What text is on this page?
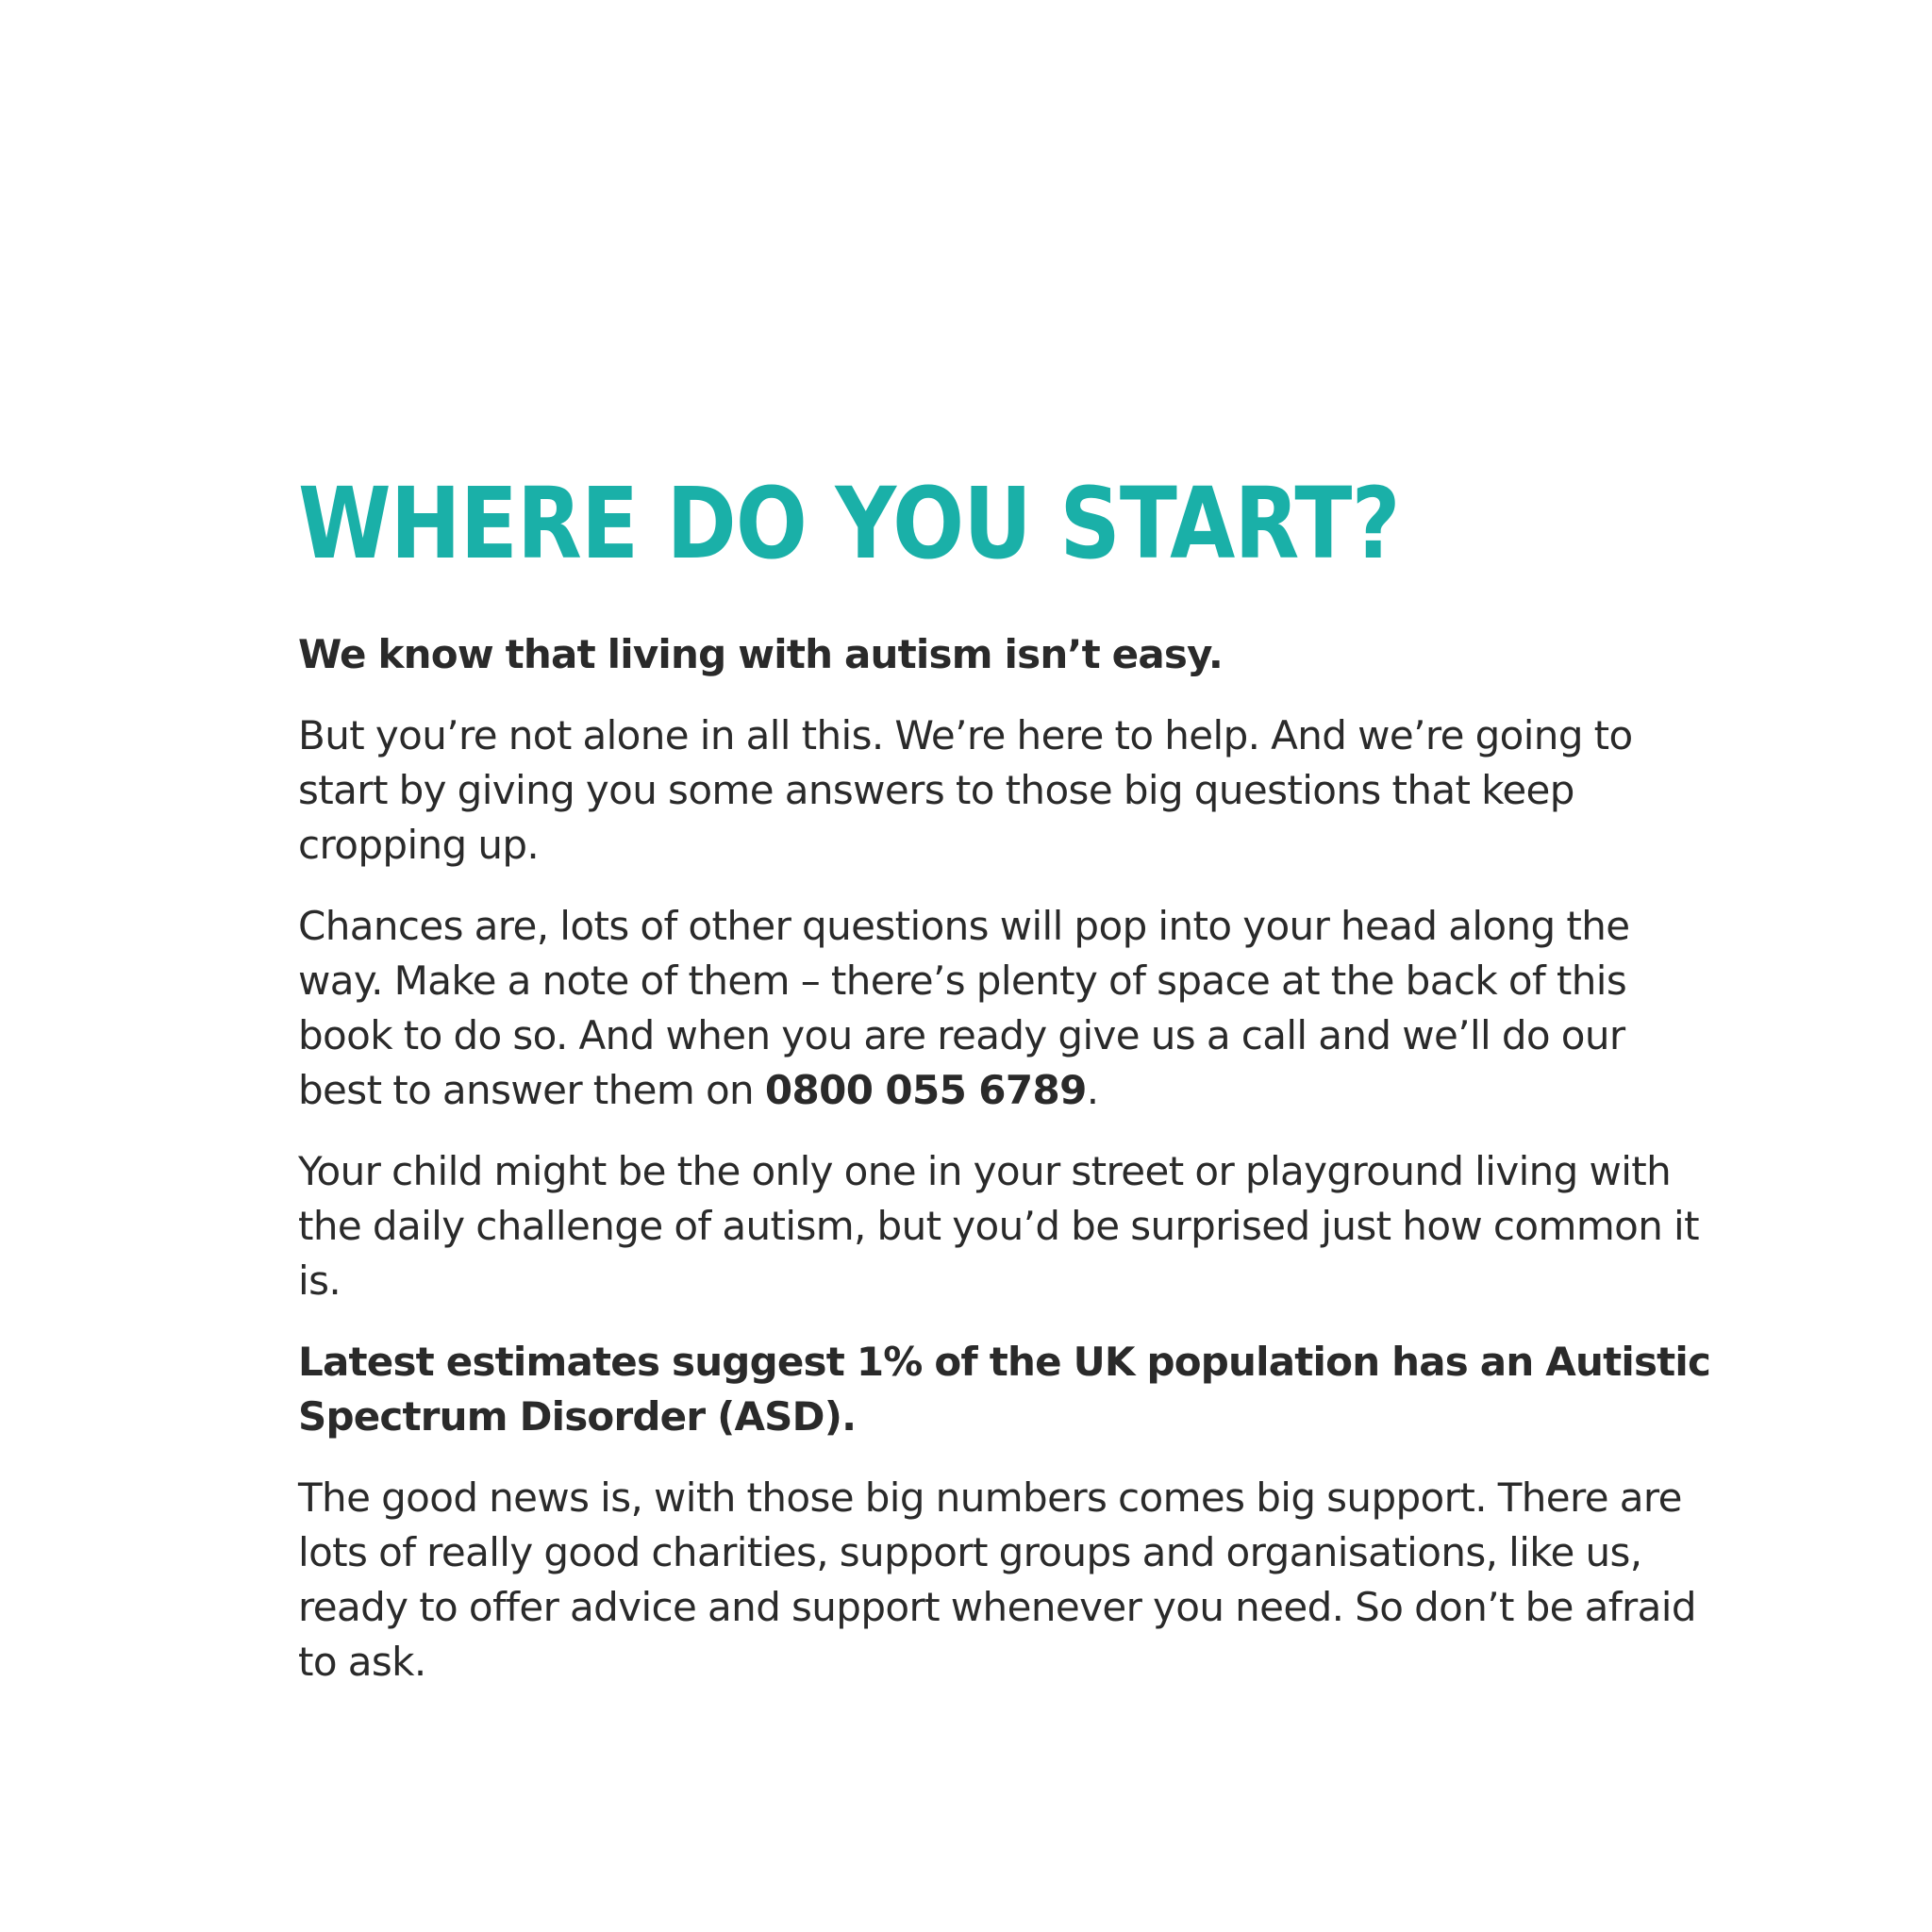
WHERE DO YOU START?

We know that living with autism isn’t easy.

But you’re not alone in all this. We’re here to help. And we’re going to start by giving you some answers to those big questions that keep cropping up.

Chances are, lots of other questions will pop into your head along the way. Make a note of them – there’s plenty of space at the back of this book to do so. And when you are ready give us a call and we’ll do our best to answer them on 0800 055 6789.

Your child might be the only one in your street or playground living with the daily challenge of autism, but you’d be surprised just how common it is.

Latest estimates suggest 1% of the UK population has an Autistic Spectrum Disorder (ASD).

The good news is, with those big numbers comes big support. There are lots of really good charities, support groups and organisations, like us, ready to offer advice and support whenever you need. So don’t be afraid to ask.
